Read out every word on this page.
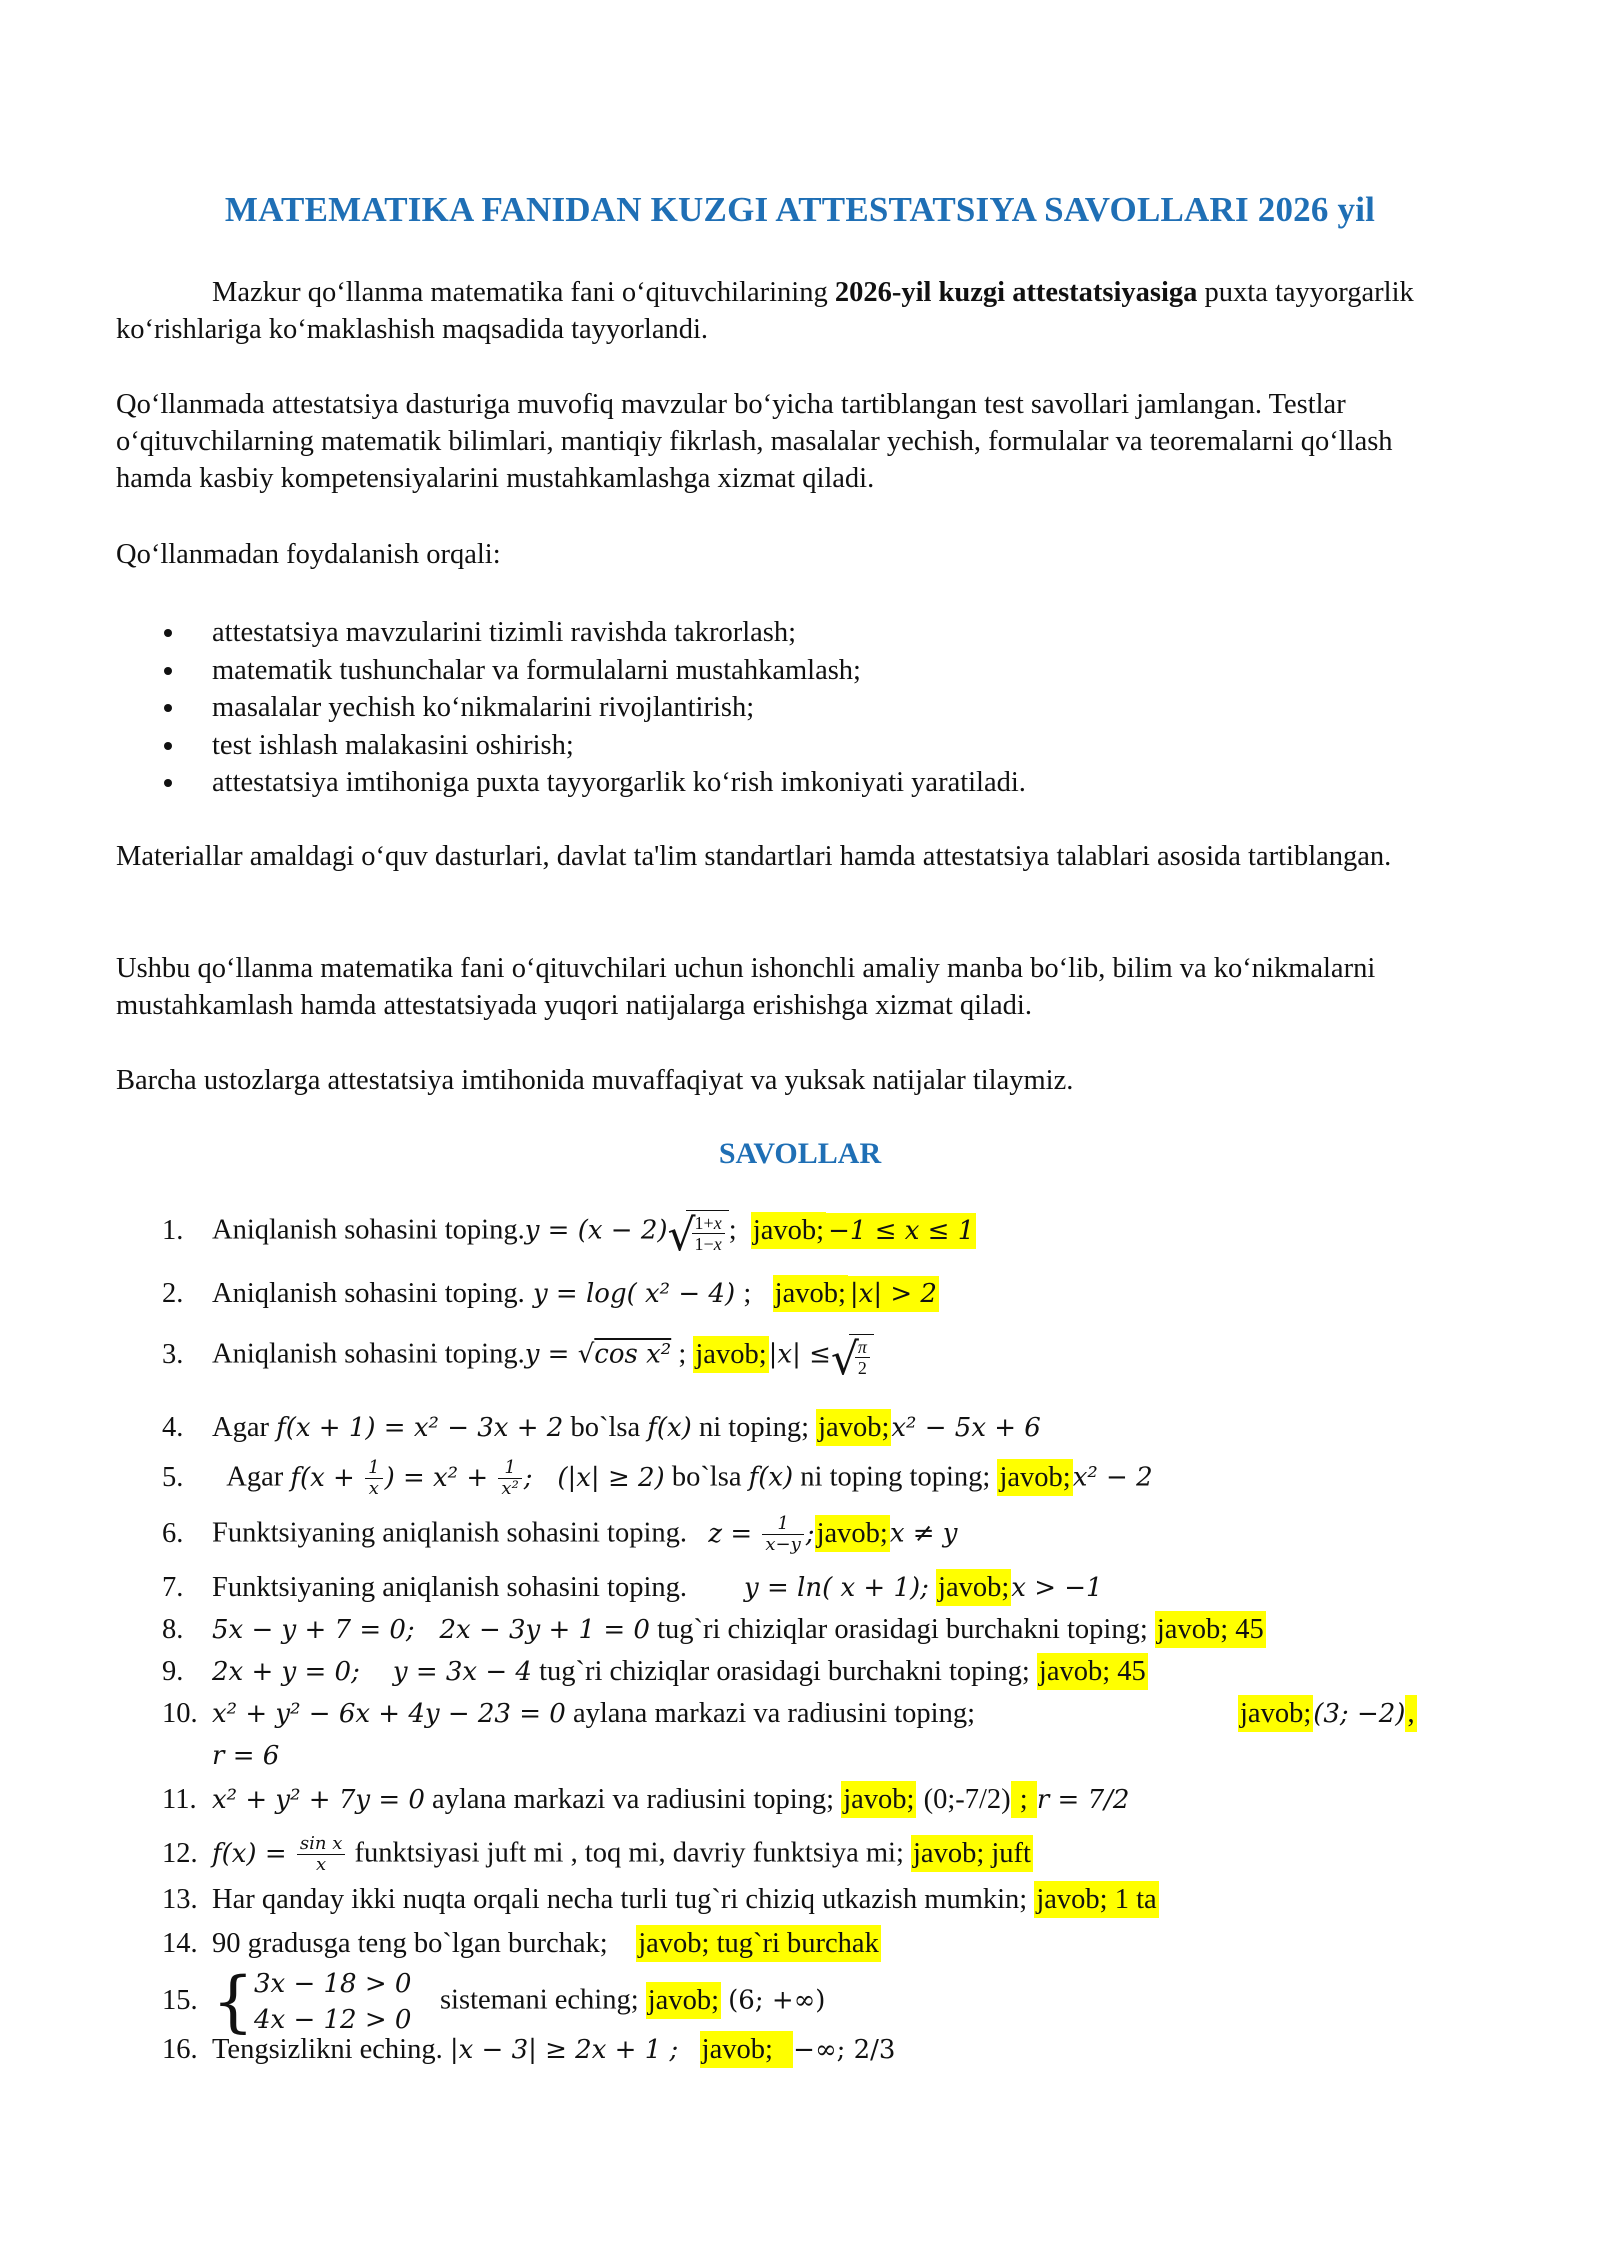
MATEMATIKA FANIDAN KUZGI ATTESTATSIYA SAVOLLARI 2026 yil

Mazkur qo‘llanma matematika fani o‘qituvchilarining 2026-yil kuzgi attestatsiyasiga puxta tayyorgarlik ko‘rishlariga ko‘maklashish maqsadida tayyorlandi.

Qo‘llanmada attestatsiya dasturiga muvofiq mavzular bo‘yicha tartiblangan test savollari jamlangan. Testlar o‘qituvchilarning matematik bilimlari, mantiqiy fikrlash, masalalar yechish, formulalar va teoremalarni qo‘llash hamda kasbiy kompetensiyalarini mustahkamlashga xizmat qiladi.

Qo‘llanmadan foydalanish orqali:

attestatsiya mavzularini tizimli ravishda takrorlash;
matematik tushunchalar va formulalarni mustahkamlash;
masalalar yechish ko‘nikmalarini rivojlantirish;
test ishlash malakasini oshirish;
attestatsiya imtihoniga puxta tayyorgarlik ko‘rish imkoniyati yaratiladi.

Materiallar amaldagi o‘quv dasturlari, davlat ta'lim standartlari hamda attestatsiya talablari asosida tartiblangan.

Ushbu qo‘llanma matematika fani o‘qituvchilari uchun ishonchli amaliy manba bo‘lib, bilim va ko‘nikmalarni mustahkamlash hamda attestatsiyada yuqori natijalarga erishishga xizmat qiladi.

Barcha ustozlarga attestatsiya imtihonida muvaffaqiyat va yuksak natijalar tilaymiz.

SAVOLLAR
1. Aniqlanish sohasini toping.y = (x − 2) √
$\frac{1+x}{1-x}$ ;  javob; −1 ≤ x ≤ 1
2. Aniqlanish sohasini toping. y = log( x² − 4) ;   javob; |x| > 2
3. Aniqlanish sohasini toping.y = √cos x² ; javob;|x| ≤ √
$\frac{\pi}{2}$
4. Agar f(x + 1) = x² − 3x + 2 bo`lsa f(x) ni toping; javob;x² − 5x + 6
5. Agar $f(x + \frac{1}{x}$ ) = $x^2 + \frac{1}{\text{x²}}$ ;   (|x| ≥ 2) bo`lsa f(x) ni toping toping; javob;x² − 2
6. Funktsiyaning aniqlanish sohasini toping. $z = \frac{1}{x-y}$ ;javob;x ≠ y
7. Funktsiyaning aniqlanish sohasini toping. y = ln( x + 1); javob;x > −1
8. 5x − y + 7 = 0;   2x − 3y + 1 = 0 tug`ri chiziqlar orasidagi burchakni toping; javob; 45
9. 2x + y = 0;    y = 3x − 4 tug`ri chiziqlar orasidagi burchakni toping; javob; 45
10. x² + y² − 6x + 4y − 23 = 0 aylana markazi va radiusini toping;	javob;(3; −2),
r = 6
11. x² + y² + 7y = 0 aylana markazi va radiusini toping; javob; (0;-7/2) ; r = 7/2
12. $f(x) = \frac{\text{sin x}}{x}$ funktsiyasi juft mi , toq mi, davriy funktsiya mi; javob; juft
13. Har qanday ikki nuqta orqali necha turli tug`ri chiziq utkazish mumkin; javob; 1 ta
14. 90 gradusga teng bo`lgan burchak; javob; tug`ri burchak
15. {3x − 18 > 0
4x − 12 > 0    sistemani eching; javob; (6; +∞)
16. Tengsizlikni eching. |x − 3| ≥ 2x + 1 ; javob; −∞; 2/3
